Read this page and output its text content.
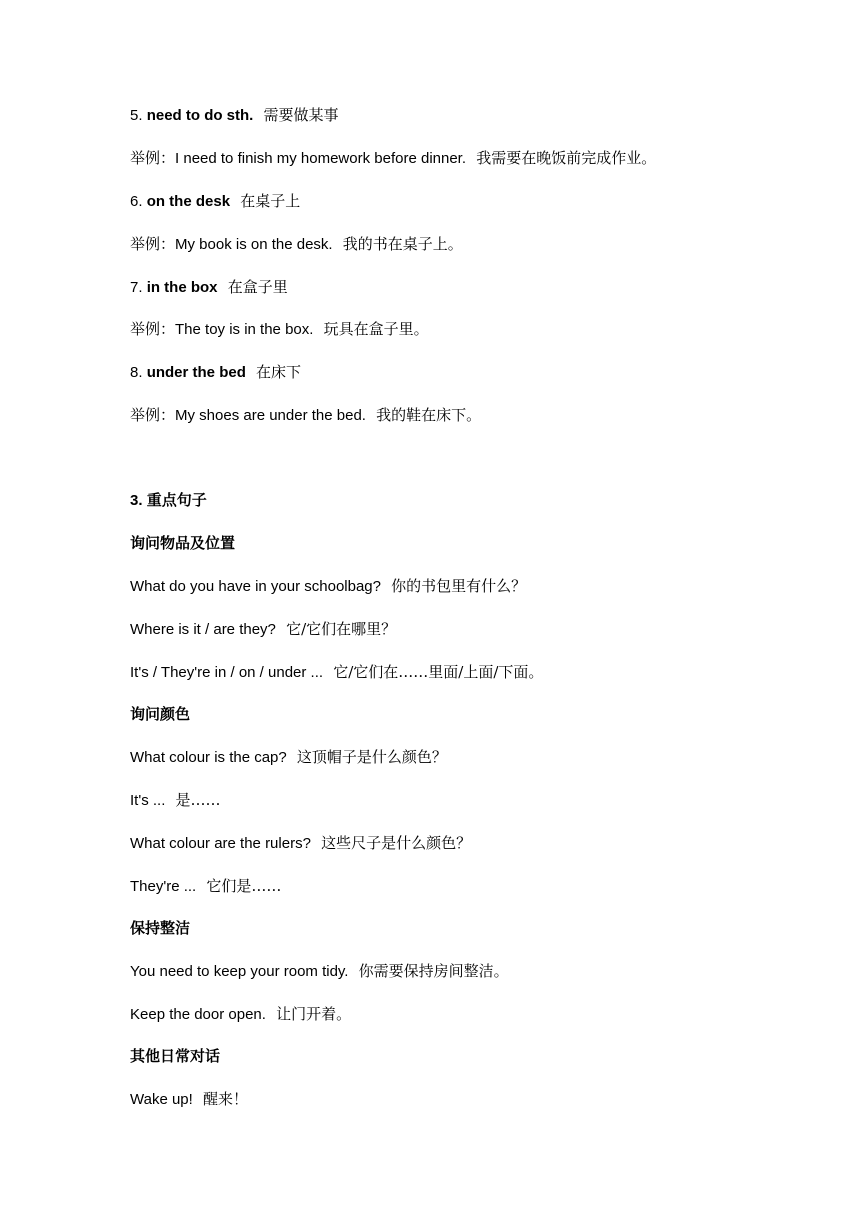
5. need to do sth. 需要做某事
举例：I need to finish my homework before dinner. 我需要在晚饭前完成作业。
6. on the desk 在桌子上
举例：My book is on the desk. 我的书在桌子上。
7. in the box 在盒子里
举例：The toy is in the box. 玩具在盒子里。
8. under the bed 在床下
举例：My shoes are under the bed. 我的鞋在床下。
3. 重点句子
询问物品及位置
What do you have in your schoolbag? 你的书包里有什么？
Where is it / are they? 它/它们在哪里？
It's / They're in / on / under ... 它/它们在……里面/上面/下面。
询问颜色
What colour is the cap? 这顶帽子是什么颜色？
It's ... 是……
What colour are the rulers? 这些尺子是什么颜色？
They're ... 它们是……
保持整洁
You need to keep your room tidy. 你需要保持房间整洁。
Keep the door open. 让门开着。
其他日常对话
Wake up! 醒来！
